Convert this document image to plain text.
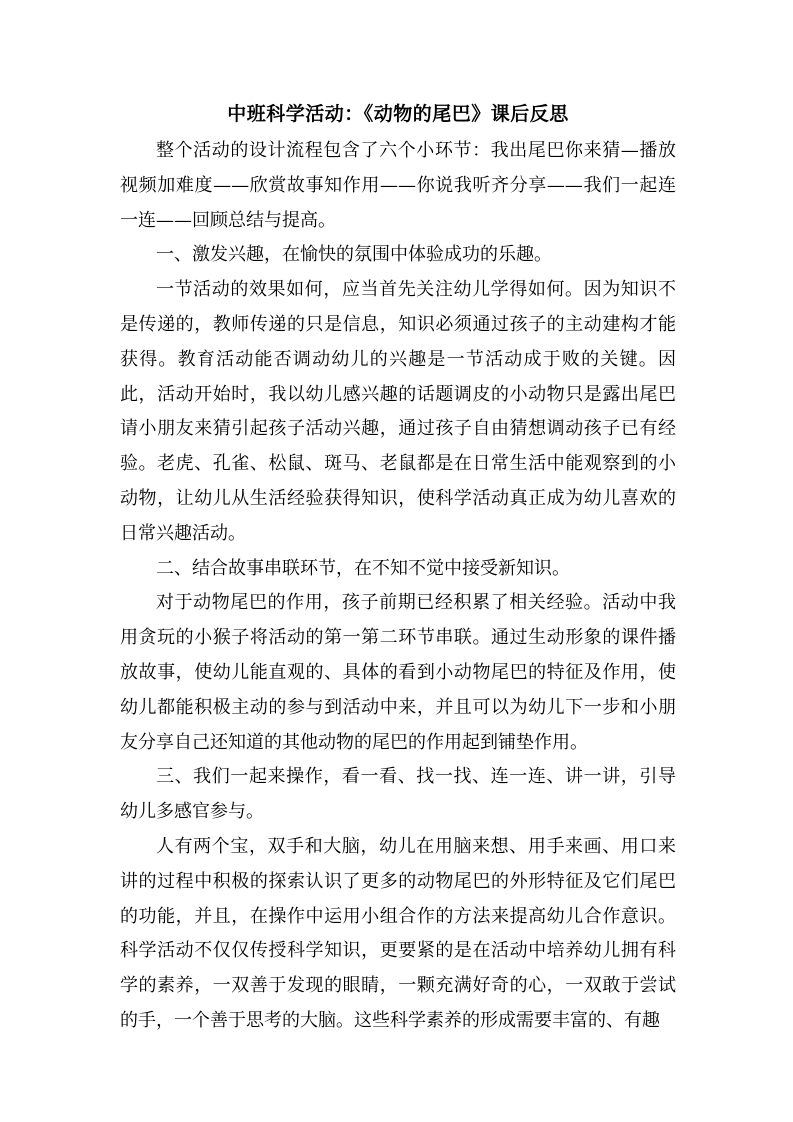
中班科学活动：《动物的尾巴》课后反思

整个活动的设计流程包含了六个小环节：我出尾巴你来猜—播放视频加难度——欣赏故事知作用——你说我听齐分享——我们一起连一连——回顾总结与提高。

一、激发兴趣，在愉快的氛围中体验成功的乐趣。

一节活动的效果如何，应当首先关注幼儿学得如何。因为知识不是传递的，教师传递的只是信息，知识必须通过孩子的主动建构才能获得。教育活动能否调动幼儿的兴趣是一节活动成于败的关键。因此，活动开始时，我以幼儿感兴趣的话题调皮的小动物只是露出尾巴请小朋友来猜引起孩子活动兴趣，通过孩子自由猜想调动孩子已有经验。老虎、孔雀、松鼠、斑马、老鼠都是在日常生活中能观察到的小动物，让幼儿从生活经验获得知识，使科学活动真正成为幼儿喜欢的日常兴趣活动。

二、结合故事串联环节，在不知不觉中接受新知识。

对于动物尾巴的作用，孩子前期已经积累了相关经验。活动中我用贪玩的小猴子将活动的第一第二环节串联。通过生动形象的课件播放故事，使幼儿能直观的、具体的看到小动物尾巴的特征及作用，使幼儿都能积极主动的参与到活动中来，并且可以为幼儿下一步和小朋友分享自己还知道的其他动物的尾巴的作用起到铺垫作用。

三、我们一起来操作，看一看、找一找、连一连、讲一讲，引导幼儿多感官参与。

人有两个宝，双手和大脑，幼儿在用脑来想、用手来画、用口来讲的过程中积极的探索认识了更多的动物尾巴的外形特征及它们尾巴的功能，并且，在操作中运用小组合作的方法来提高幼儿合作意识。科学活动不仅仅传授科学知识，更要紧的是在活动中培养幼儿拥有科学的素养，一双善于发现的眼睛，一颗充满好奇的心，一双敢于尝试的手，一个善于思考的大脑。这些科学素养的形成需要丰富的、有趣
